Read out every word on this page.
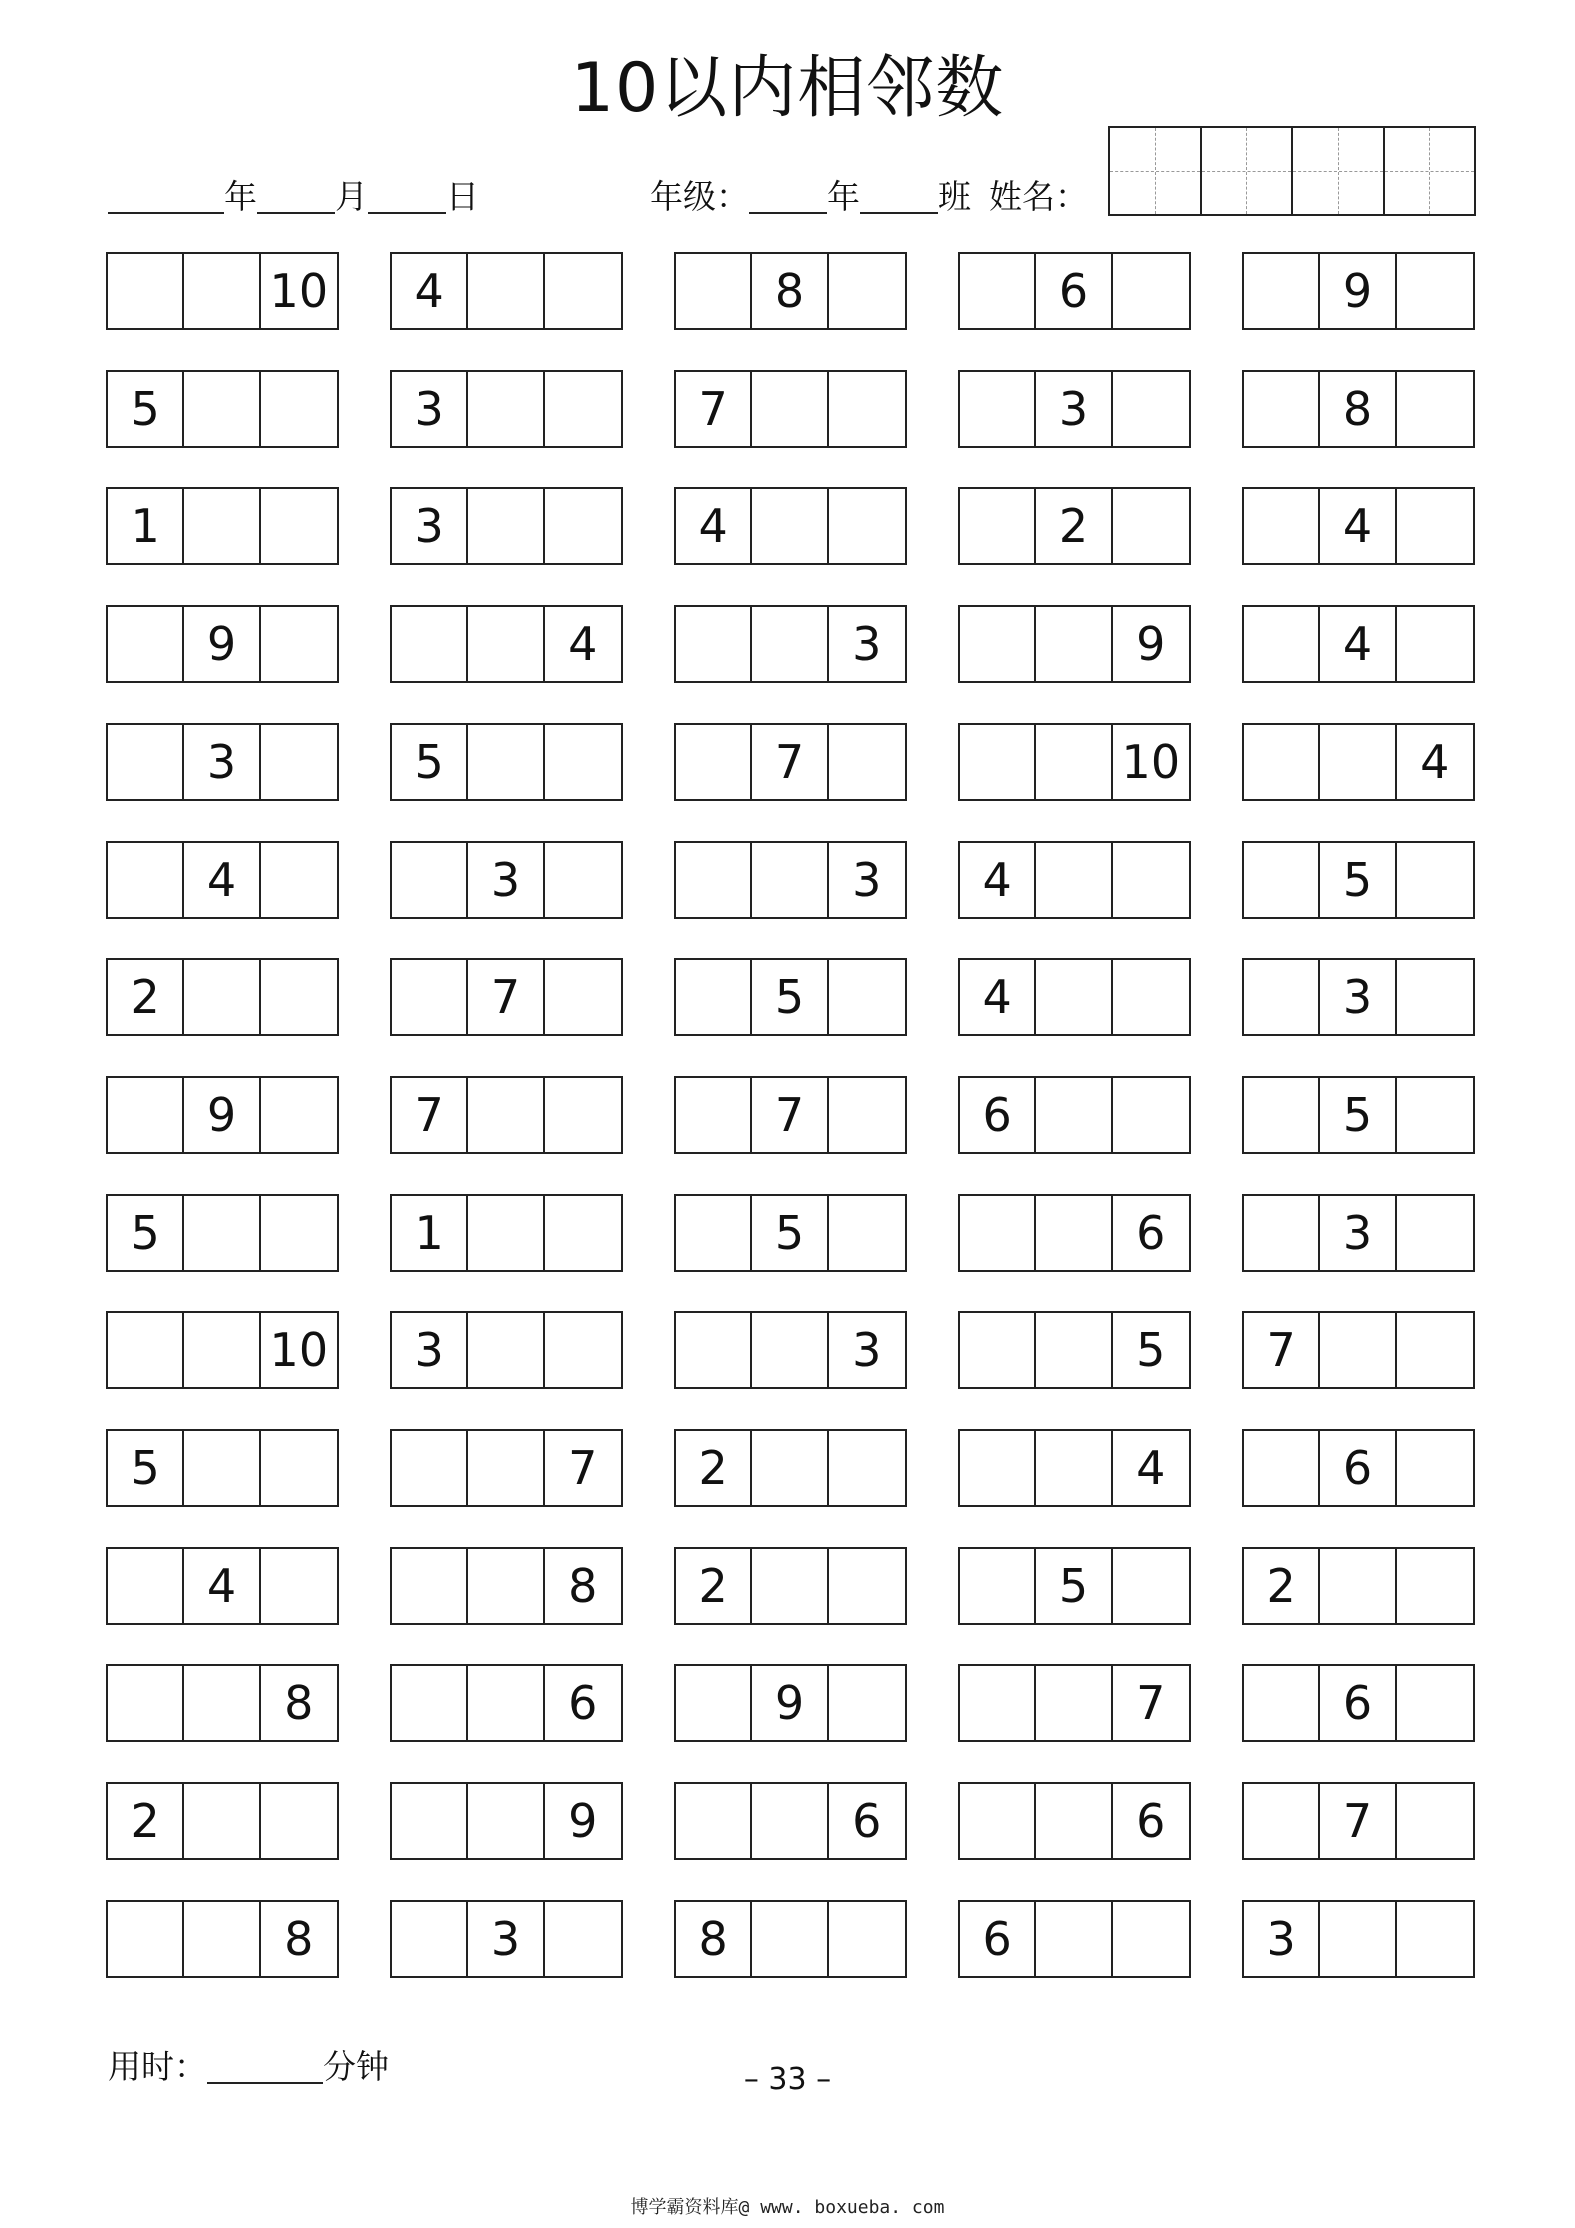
10以内相邻数
年 月 日	年级： 年 班 姓名：
10	4	8	6	9
5	3	7	3	8
1	3	4	2	4
9	4	3	9	4
3	5	7	10	4
4	3	3	4	5
2	7	5	4	3
9	7	7	6	5
5	1	5	6	3
10	3	3	5	7
5	7	2	4	6
4	8	2	5	2
8	6	9	7	6
2	9	6	6	7
8	3	8	6	3
用时：	分钟	– 33 –
博学霸资料库@ www. boxueba. com
